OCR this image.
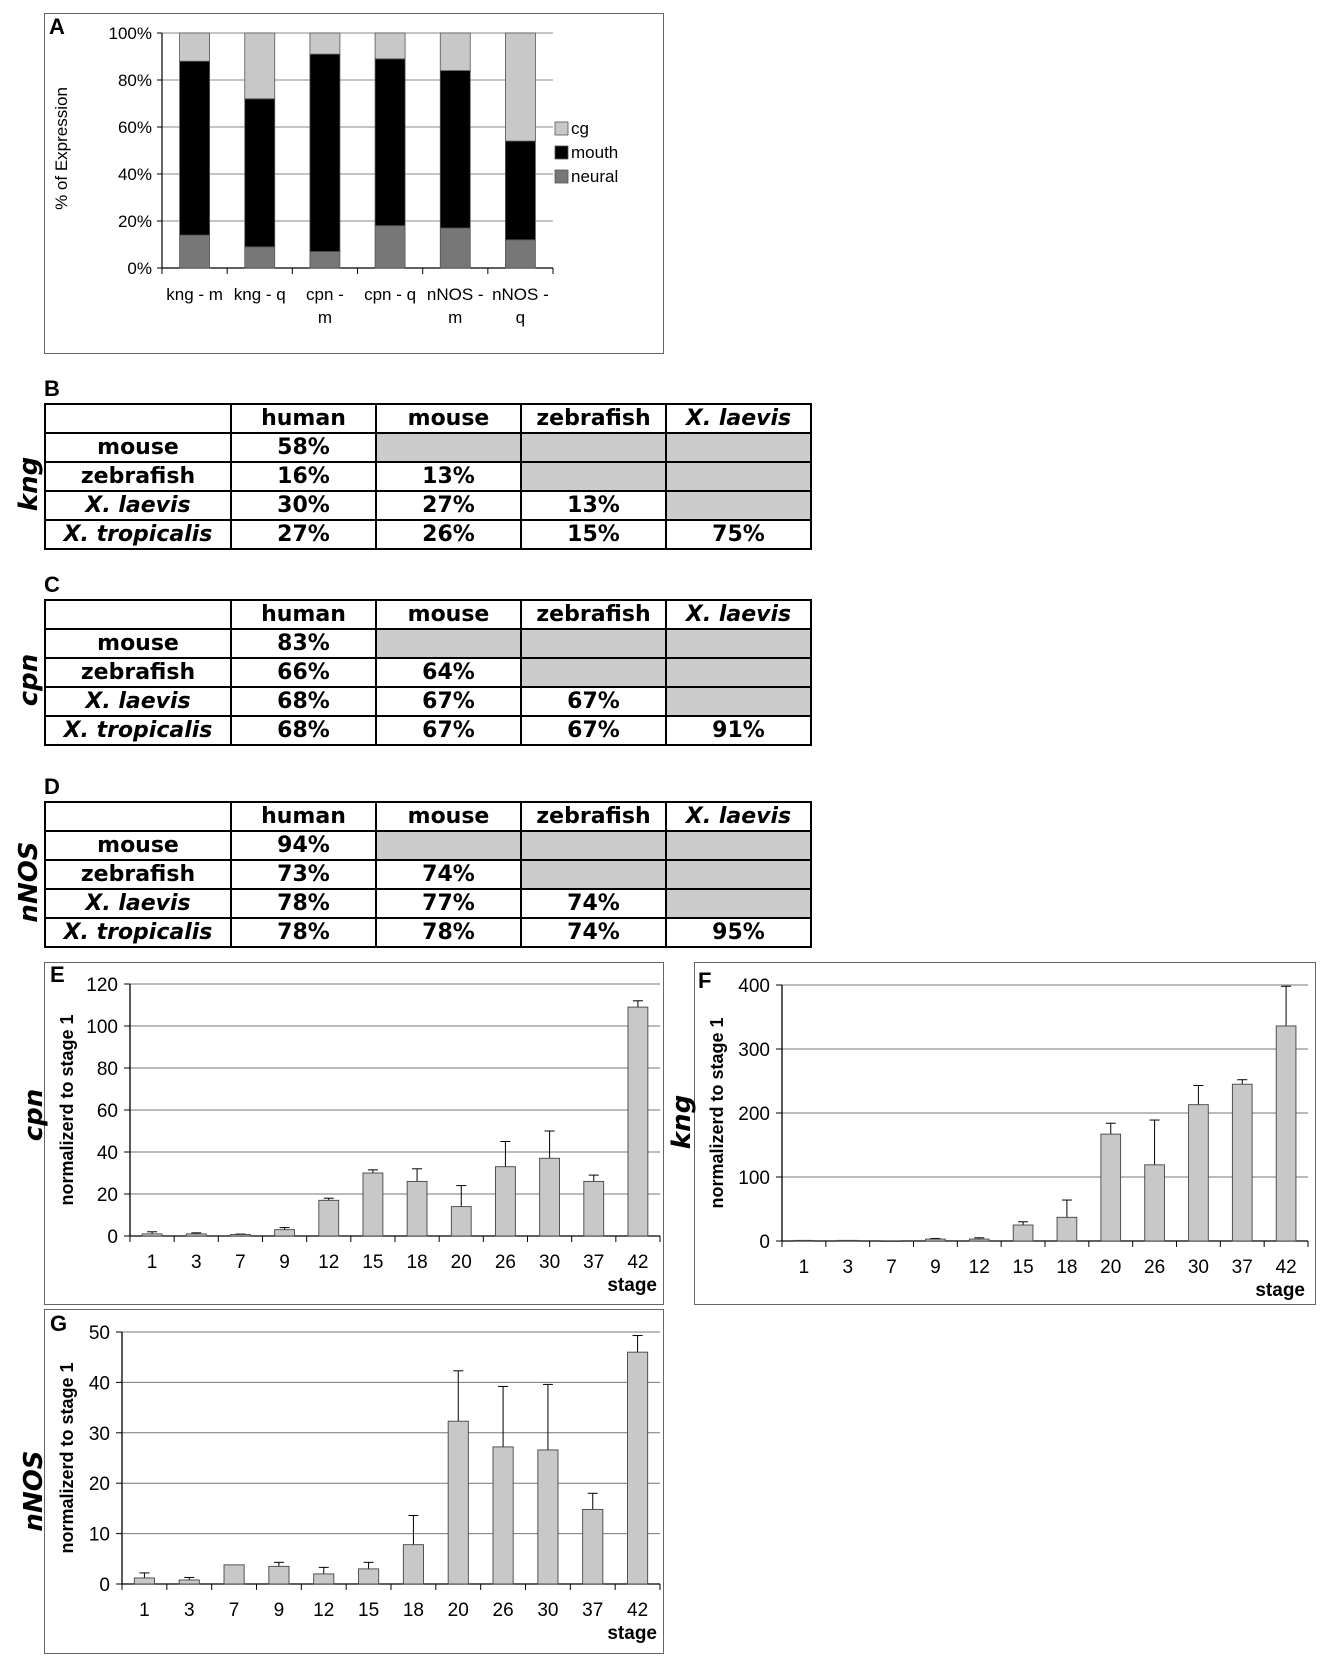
0%
20%
40%
60%
80%
100%
kng - m kng - q cpn -
m
cpn - q nNOS -
m
nNOS -
q
% of Expression	cg
mouth
neural
A
B
kng
	human	mouse	zebrafish	X. laevis
mouse	58%			
zebrafish	16%	13%		
X. laevis	30%	27%	13%	
X. tropicalis	27%	26%	15%	75%
C
cpn
	human	mouse	zebrafish	X. laevis
mouse	83%			
zebrafish	66%	64%		
X. laevis	68%	67%	67%	
X. tropicalis	68%	67%	67%	91%
D
nNOS
	human	mouse	zebrafish	X. laevis
mouse	94%			
zebrafish	73%	74%		
X. laevis	78%	77%	74%	
X. tropicalis	78%	78%	74%	95%
0
20
40
60
80
100
120
1 3 7 9 12 15 18 20 26 30 37 42
stage
normalizerd to stage 1
E
cpn
0
100
200
300
400
1 3 7 9 12 15 18 20 26 30 37 42
stage
normalizerd to stage 1
F
kng
0
10
20
30
40
50
1 3 7 9 12 15 18 20 26 30 37 42
stage
normalizerd to stage 1
G
nNOS
